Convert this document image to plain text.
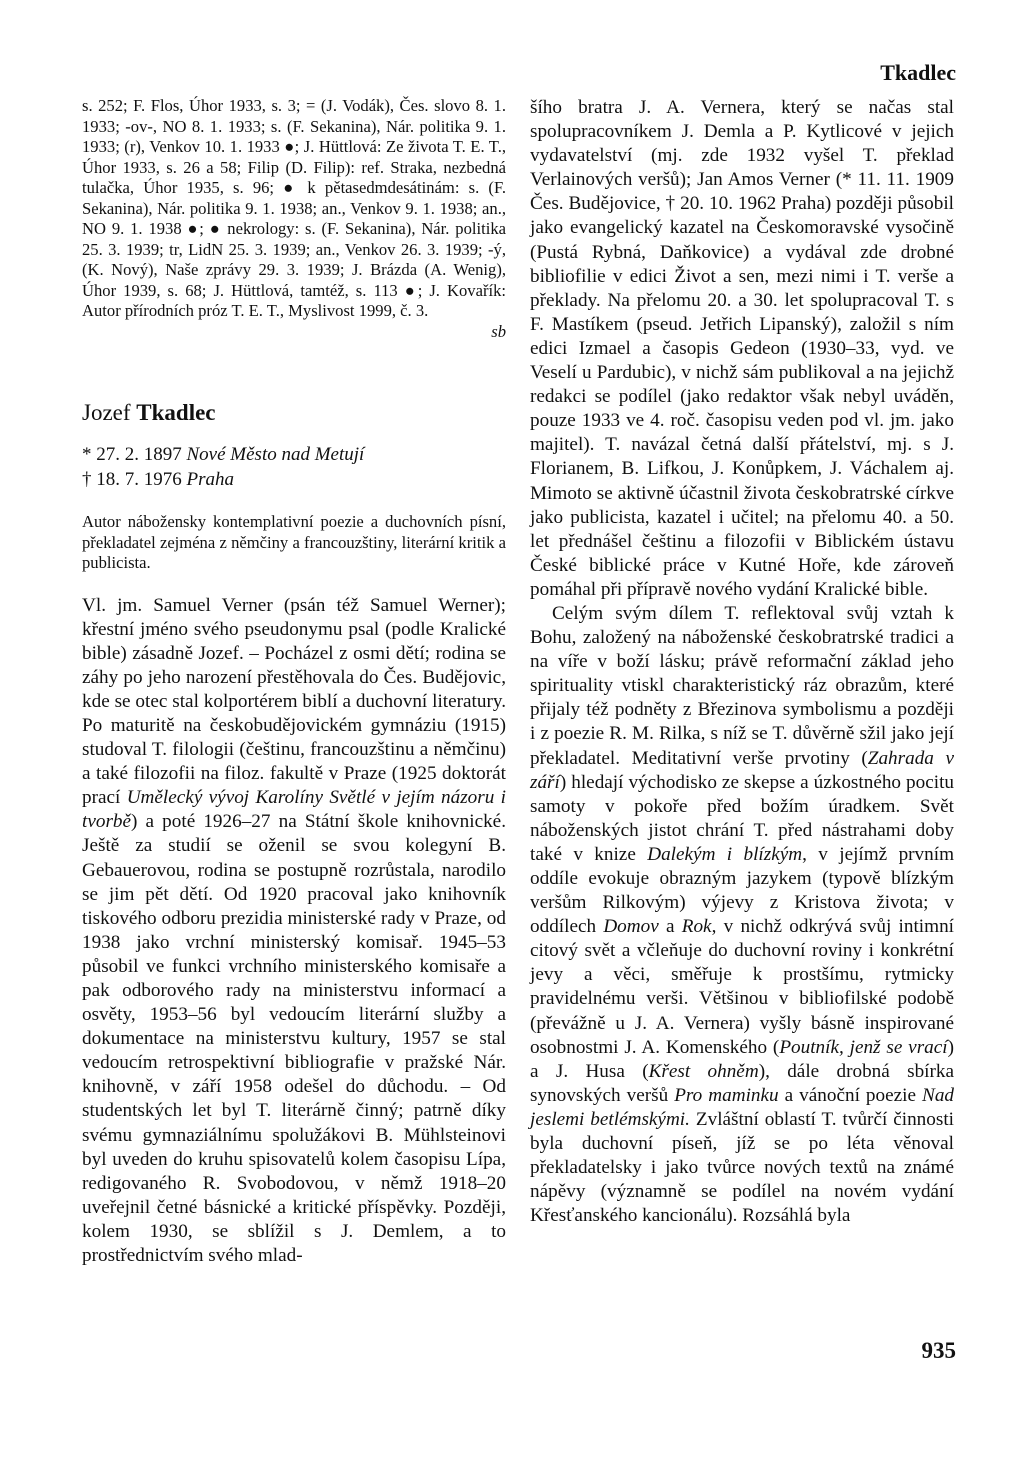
Tkadlec

s. 252; F. Flos, Úhor 1933, s. 3; = (J. Vodák), Čes. slovo 8. 1. 1933; -ov-, NO 8. 1. 1933; s. (F. Sekanina), Nár. politika 9. 1. 1933; (r), Venkov 10. 1. 1933 ●; J. Hüttlová: Ze života T. E. T., Úhor 1933, s. 26 a 58; Filip (D. Filip): ref. Straka, nezbedná tulačka, Úhor 1935, s. 96; ● k pětasedmdesátinám: s. (F. Sekanina), Nár. politika 9. 1. 1938; an., Venkov 9. 1. 1938; an., NO 9. 1. 1938 ●; ● nekrology: s. (F. Sekanina), Nár. politika 25. 3. 1939; tr, LidN 25. 3. 1939; an., Venkov 26. 3. 1939; -ý, (K. Nový), Naše zprávy 29. 3. 1939; J. Brázda (A. Wenig), Úhor 1939, s. 68; J. Hüttlová, tamtéž, s. 113 ●; J. Kovařík: Autor přírodních próz T. E. T., Myslivost 1999, č. 3.

sb

Jozef Tkadlec
* 27. 2. 1897 Nové Město nad Metují
† 18. 7. 1976 Praha

Autor nábožensky kontemplativní poezie a duchovních písní, překladatel zejména z němčiny a francouzštiny, literární kritik a publicista.

Vl. jm. Samuel Verner (psán též Samuel Werner); křestní jméno svého pseudonymu psal (podle Kralické bible) zásadně Jozef. – Pocházel z osmi dětí; rodina se záhy po jeho narození přestěhovala do Čes. Budějovic, kde se otec stal kolportérem biblí a duchovní literatury. Po maturitě na českobudějovickém gymnáziu (1915) studoval T. filologii (češtinu, francouzštinu a němčinu) a také filozofii na filoz. fakultě v Praze (1925 doktorát prací Umělecký vývoj Karolíny Světlé v jejím názoru i tvorbě) a poté 1926–27 na Státní škole knihovnické. Ještě za studií se oženil se svou kolegyní B. Gebauerovou, rodina se postupně rozrůstala, narodilo se jim pět dětí. Od 1920 pracoval jako knihovník tiskového odboru prezidia ministerské rady v Praze, od 1938 jako vrchní ministerský komisař. 1945–53 působil ve funkci vrchního ministerského komisaře a pak odborového rady na ministerstvu informací a osvěty, 1953–56 byl vedoucím literární služby a dokumentace na ministerstvu kultury, 1957 se stal vedoucím retrospektivní bibliografie v pražské Nár. knihovně, v září 1958 odešel do důchodu. – Od studentských let byl T. literárně činný; patrně díky svému gymnaziálnímu spolužákovi B. Mühlsteinovi byl uveden do kruhu spisovatelů kolem časopisu Lípa, redigovaného R. Svobodovou, v němž 1918–20 uveřejnil četné básnické a kritické příspěvky. Později, kolem 1930, se sblížil s J. Demlem, a to prostřednictvím svého mlad-

šího bratra J. A. Vernera, který se načas stal spolupracovníkem J. Demla a P. Kytlicové v jejich vydavatelství (mj. zde 1932 vyšel T. překlad Verlainových veršů); Jan Amos Verner (* 11. 11. 1909 Čes. Budějovice, † 20. 10. 1962 Praha) později působil jako evangelický kazatel na Českomoravské vysočině (Pustá Rybná, Daňkovice) a vydával zde drobné bibliofilie v edici Život a sen, mezi nimi i T. verše a překlady. Na přelomu 20. a 30. let spolupracoval T. s F. Mastíkem (pseud. Jetřich Lipanský), založil s ním edici Izmael a časopis Gedeon (1930–33, vyd. ve Veselí u Pardubic), v nichž sám publikoval a na jejichž redakci se podílel (jako redaktor však nebyl uváděn, pouze 1933 ve 4. roč. časopisu veden pod vl. jm. jako majitel). T. navázal četná další přátelství, mj. s J. Florianem, B. Lifkou, J. Konůpkem, J. Váchalem aj. Mimoto se aktivně účastnil života českobratrské církve jako publicista, kazatel i učitel; na přelomu 40. a 50. let přednášel češtinu a filozofii v Biblickém ústavu České biblické práce v Kutné Hoře, kde zároveň pomáhal při přípravě nového vydání Kralické bible.

Celým svým dílem T. reflektoval svůj vztah k Bohu, založený na náboženské českobratrské tradici a na víře v boží lásku; právě reformační základ jeho spirituality vtiskl charakteristický ráz obrazům, které přijaly též podněty z Březinova symbolismu a později i z poezie R. M. Rilka, s níž se T. důvěrně sžil jako její překladatel. Meditativní verše prvotiny (Zahrada v září) hledají východisko ze skepse a úzkostného pocitu samoty v pokoře před božím úradkem. Svět náboženských jistot chrání T. před nástrahami doby také v knize Dalekým i blízkým, v jejímž prvním oddíle evokuje obrazným jazykem (typově blízkým veršům Rilkovým) výjevy z Kristova života; v oddílech Domov a Rok, v nichž odkrývá svůj intimní citový svět a včleňuje do duchovní roviny i konkrétní jevy a věci, směřuje k prostšímu, rytmicky pravidelnému verši. Většinou v bibliofilské podobě (převážně u J. A. Vernera) vyšly básně inspirované osobnostmi J. A. Komenského (Poutník, jenž se vrací) a J. Husa (Křest ohněm), dále drobná sbírka synovských veršů Pro maminku a vánoční poezie Nad jeslemi betlémskými. Zvláštní oblastí T. tvůrčí činnosti byla duchovní píseň, jíž se po léta věnoval překladatelsky i jako tvůrce nových textů na známé nápěvy (významně se podílel na novém vydání Křesťanského kancionálu). Rozsáhlá byla

935
